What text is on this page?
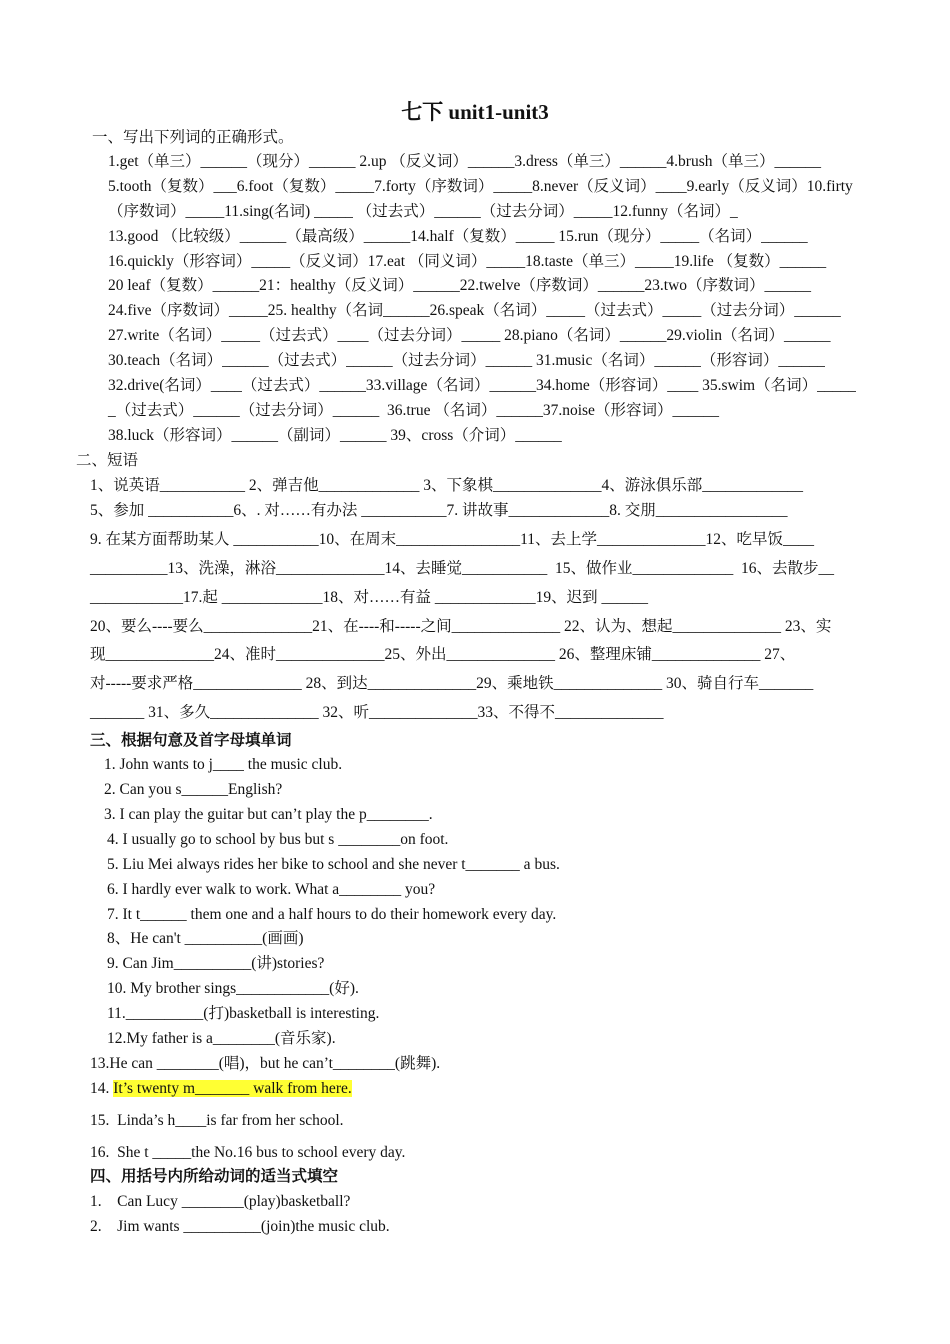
七下 unit1-unit3
一、写出下列词的正确形式。
1.get（单三）______（现分）______ 2.up （反义词）______3.dress（单三）______4.brush（单三）______
5.tooth（复数）___6.foot（复数）_____7.forty（序数词）_____8.never（反义词）____9.early（反义词）10.firty
（序数词）_____11.sing(名词) _____ （过去式）______（过去分词）_____12.funny（名词）_
13.good （比较级）______（最高级）______14.half（复数）_____ 15.run（现分）_____（名词）______
16.quickly（形容词）_____（反义词）17.eat （同义词）_____18.taste（单三）_____19.life （复数）______
20 leaf（复数）______21：healthy（反义词）______22.twelve（序数词）______23.two（序数词）______
24.five（序数词）_____25. healthy（名词______26.speak（名词）_____（过去式）_____（过去分词）______
27.write（名词）_____（过去式）____（过去分词）_____ 28.piano（名词）______29.violin（名词）______
30.teach（名词）______（过去式）______（过去分词）______ 31.music（名词）______（形容词）______
32.drive(名词）____（过去式）______33.village（名词）______34.home（形容词）____ 35.swim（名词）_____
_（过去式）______（过去分词）______  36.true （名词）______37.noise（形容词）______
38.luck（形容词）______（副词）______ 39、cross（介词）______
二、短语
1、说英语___________ 2、弹吉他_____________ 3、下象棋______________4、游泳俱乐部_____________
5、参加 ___________6、. 对……有办法 ___________7. 讲故事_____________8. 交朋_________________
9. 在某方面帮助某人 ___________10、在周末________________11、去上学______________12、吃早饭____
__________13、洗澡，淋浴______________14、去睡觉___________  15、做作业_____________  16、去散步__
____________17.起 _____________18、对……有益 _____________19、迟到 ______
20、要么----要么______________21、在----和-----之间______________ 22、认为、想起______________ 23、实
现______________24、准时______________25、外出______________ 26、整理床铺______________ 27、
对-----要求严格______________ 28、到达______________29、乘地铁______________ 30、骑自行车_______
_______ 31、多久______________ 32、听______________33、不得不______________
三、根据句意及首字母填单词
1. John wants to j____ the music club.
2. Can you s______English?
3. I can play the guitar but can’t play the p________.
4. I usually go to school by bus but s ________on foot.
5. Liu Mei always rides her bike to school and she never t_______ a bus.
6. I hardly ever walk to work. What a________ you?
7. It t______ them one and a half hours to do their homework every day.
8、He can't __________(画画)
9. Can Jim__________(讲)stories?
10. My brother sings____________(好).
11.__________(打)basketball is interesting.
12.My father is a________(音乐家).
13.He can ________(唱)，but he can’t________(跳舞).
14. It’s twenty m_______ walk from here.
15.  Linda’s h____is far from her school.
16.  She t _____the No.16 bus to school every day.
四、用括号内所给动词的适当式填空
1.    Can Lucy ________(play)basketball?
2.    Jim wants __________(join)the music club.
